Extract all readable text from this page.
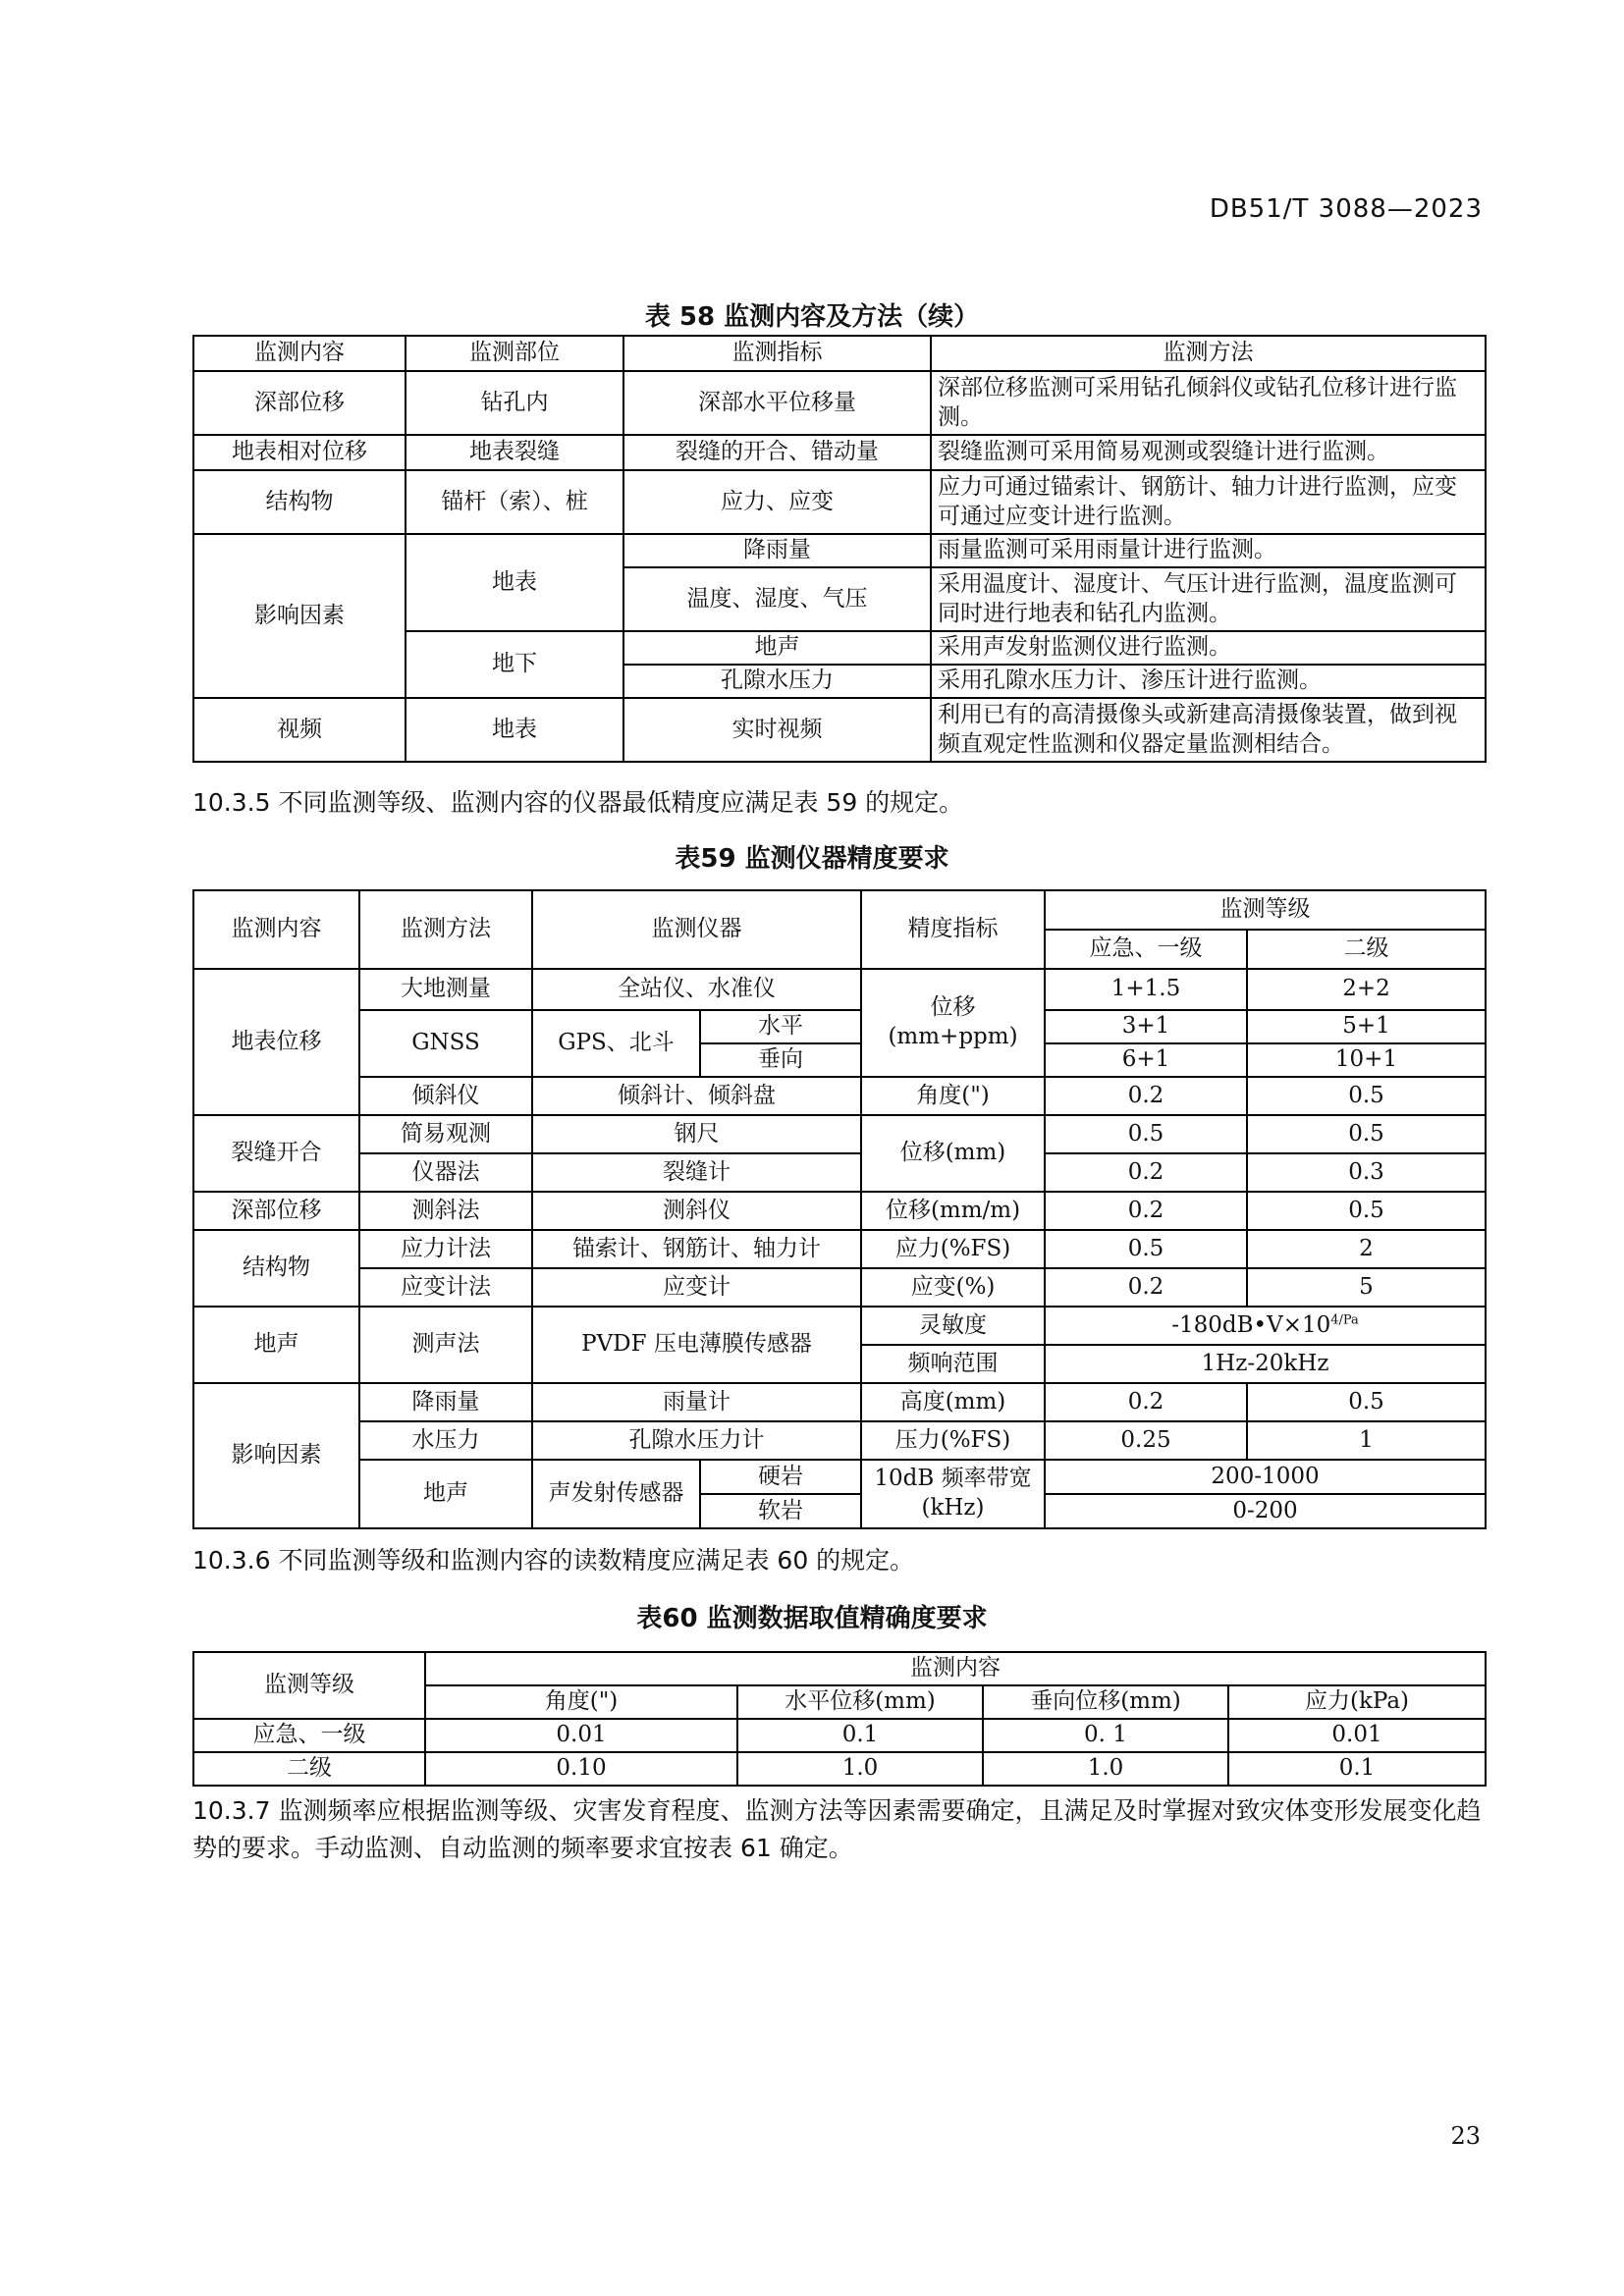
DB51/T 3088—2023
表 58 监测内容及方法（续）
监测内容	监测部位	监测指标	监测方法
深部位移	钻孔内	深部水平位移量	深部位移监测可采用钻孔倾斜仪或钻孔位移计进行监测。
地表相对位移	地表裂缝	裂缝的开合、错动量	裂缝监测可采用简易观测或裂缝计进行监测。
结构物	锚杆（索）、桩	应力、应变	应力可通过锚索计、钢筋计、轴力计进行监测，应变可通过应变计进行监测。
影响因素	地表	降雨量	雨量监测可采用雨量计进行监测。
		温度、湿度、气压	采用温度计、湿度计、气压计进行监测，温度监测可同时进行地表和钻孔内监测。
	地下	地声	采用声发射监测仪进行监测。
		孔隙水压力	采用孔隙水压力计、渗压计进行监测。
视频	地表	实时视频	利用已有的高清摄像头或新建高清摄像装置，做到视频直观定性监测和仪器定量监测相结合。
10.3.5 不同监测等级、监测内容的仪器最低精度应满足表 59 的规定。
表59 监测仪器精度要求
监测内容	监测方法	监测仪器		精度指标	监测等级	
					应急、一级	二级
地表位移	大地测量	全站仪、水准仪		位移(mm+ppm)	1+1.5	2+2
	GNSS	GPS、北斗	水平		3+1	5+1
			垂向		6+1	10+1
	倾斜仪	倾斜计、倾斜盘		角度(")	0.2	0.5
裂缝开合	简易观测	钢尺		位移(mm)	0.5	0.5
	仪器法	裂缝计			0.2	0.3
深部位移	测斜法	测斜仪		位移(mm/m)	0.2	0.5
结构物	应力计法	锚索计、钢筋计、轴力计		应力(%FS)	0.5	2
	应变计法	应变计		应变(%)	0.2	5
地声	测声法	PVDF 压电薄膜传感器		灵敏度	$-180dB•V\times 10^{4/Pa}$
				频响范围	1Hz-20kHz	
影响因素	降雨量	雨量计		高度(mm)	0.2	0.5
	水压力	孔隙水压力计		压力(%FS)	0.25	1
	地声	声发射传感器	硬岩	10dB 频率带宽(kHz)	200-1000	
			软岩		0-200	
10.3.6 不同监测等级和监测内容的读数精度应满足表 60 的规定。
表60 监测数据取值精确度要求
监测等级	监测内容			
	角度(")	水平位移(mm)	垂向位移(mm)	应力(kPa)
应急、一级	0.01	0.1	0. 1	0.01
二级	0.10	1.0	1.0	0.1
10.3.7 监测频率应根据监测等级、灾害发育程度、监测方法等因素需要确定，且满足及时掌握对致灾体变形发展变化趋势的要求。手动监测、自动监测的频率要求宜按表 61 确定。
23
